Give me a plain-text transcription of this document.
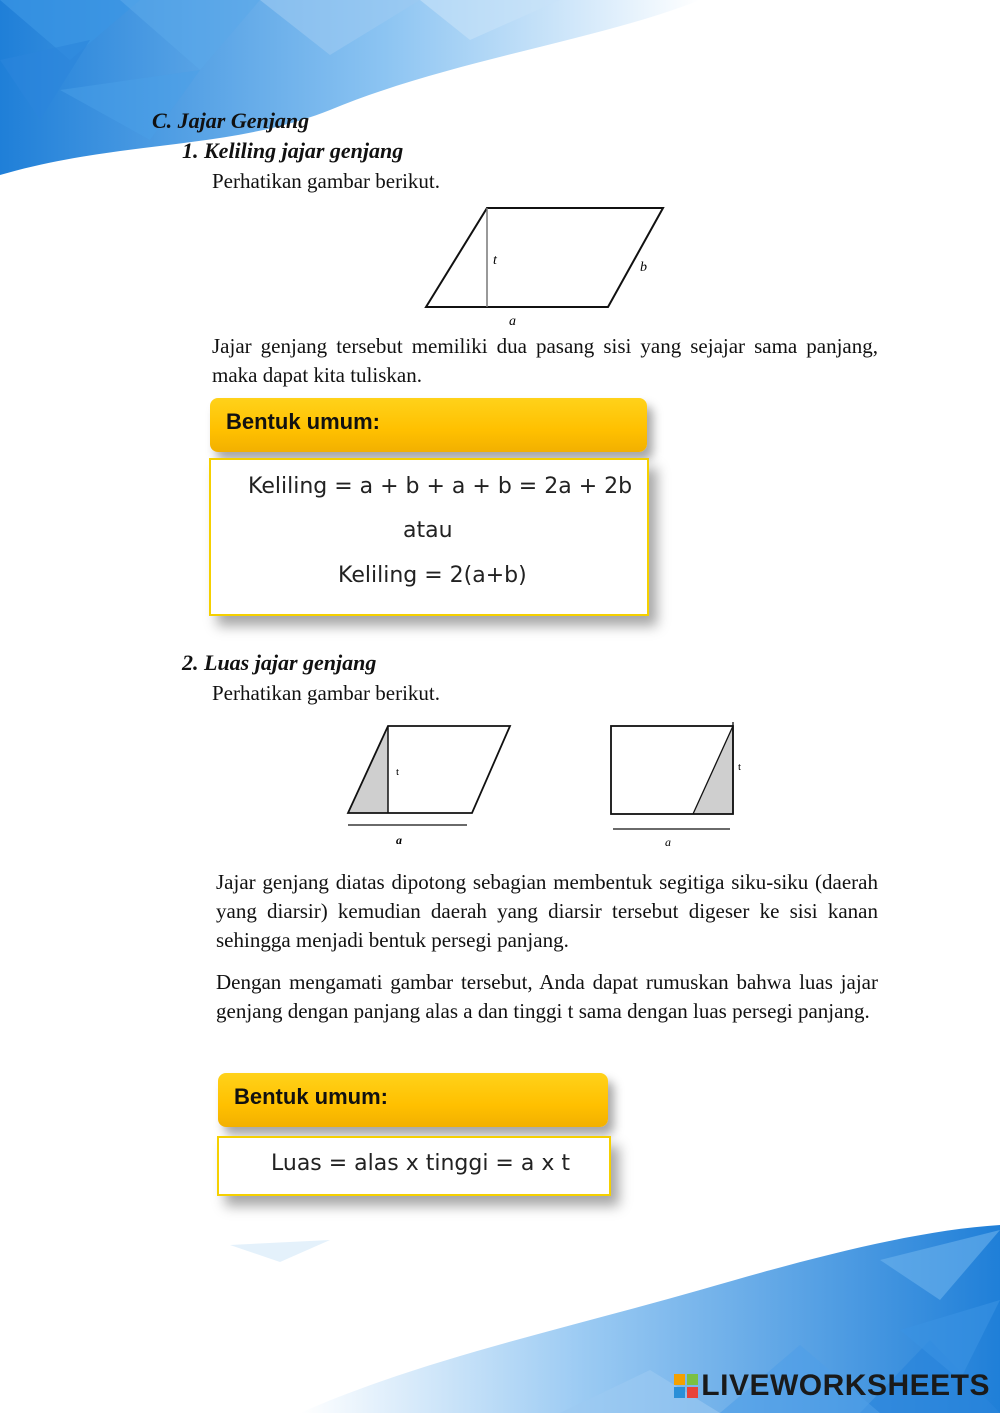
C. Jajar Genjang
1. Keliling jajar genjang
Perhatikan gambar berikut.
t	b
a
Jajar genjang tersebut memiliki dua pasang sisi yang sejajar sama panjang, maka dapat kita tuliskan.
Bentuk umum:
Keliling = a + b + a + b = 2a + 2b
atau
Keliling = 2(a+b)
2. Luas jajar genjang
Perhatikan gambar berikut.
t
a
t
a
Jajar genjang diatas dipotong sebagian membentuk segitiga siku-siku (daerah yang diarsir) kemudian daerah yang diarsir tersebut digeser ke sisi kanan sehingga menjadi bentuk persegi panjang.
Dengan mengamati gambar tersebut, Anda dapat rumuskan bahwa luas jajar genjang dengan panjang alas a dan tinggi t sama dengan luas persegi panjang.
Bentuk umum:
Luas = alas x tinggi = a x t
LIVEWORKSHEETS
